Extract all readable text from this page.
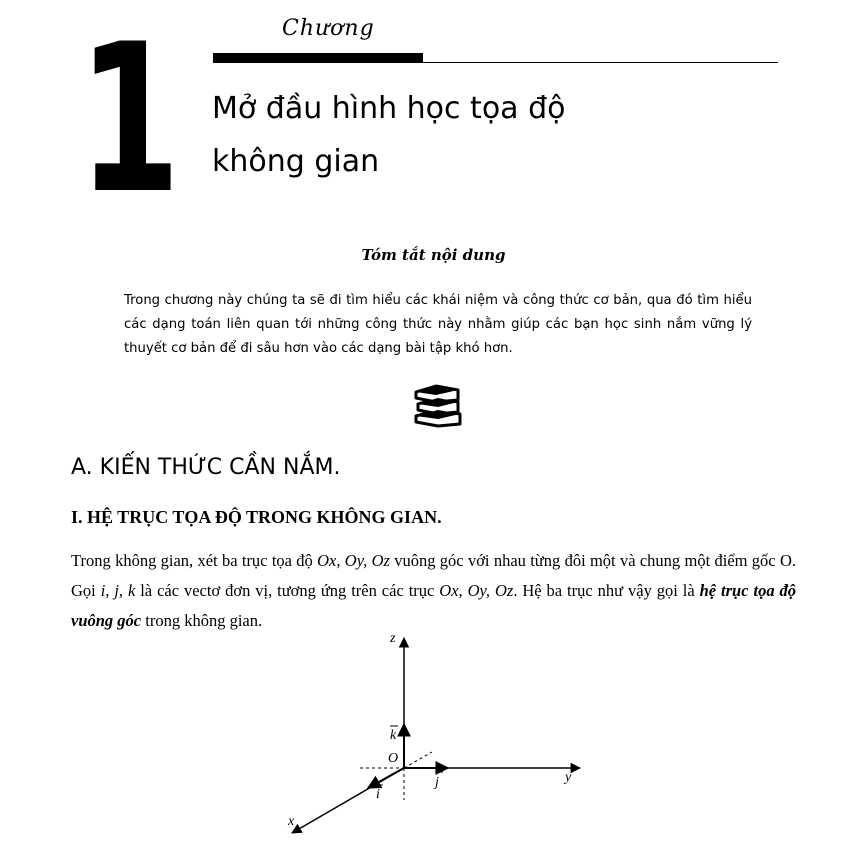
Chương
1 Mở đầu hình học tọa độ
không gian
Tóm tắt nội dung
Trong chương này chúng ta sẽ đi tìm hiểu các khái niệm và công thức cơ bản, qua đó tìm hiểu các dạng toán liên quan tới những công thức này nhằm giúp các bạn học sinh nắm vững lý thuyết cơ bản để đi sâu hơn vào các dạng bài tập khó hơn.
A. KIẾN THỨC CẦN NẮM.
I. HỆ TRỤC TỌA ĐỘ TRONG KHÔNG GIAN.
Trong không gian, xét ba trục tọa độ Ox, Oy, Oz vuông góc với nhau từng đôi một và chung một điểm gốc O. Gọi i, j, k là các vectơ đơn vị, tương ứng trên các trục Ox, Oy, Oz. Hệ ba trục như vậy gọi là hệ trục tọa độ vuông góc trong không gian.
z
y
x
O
k
j
i
